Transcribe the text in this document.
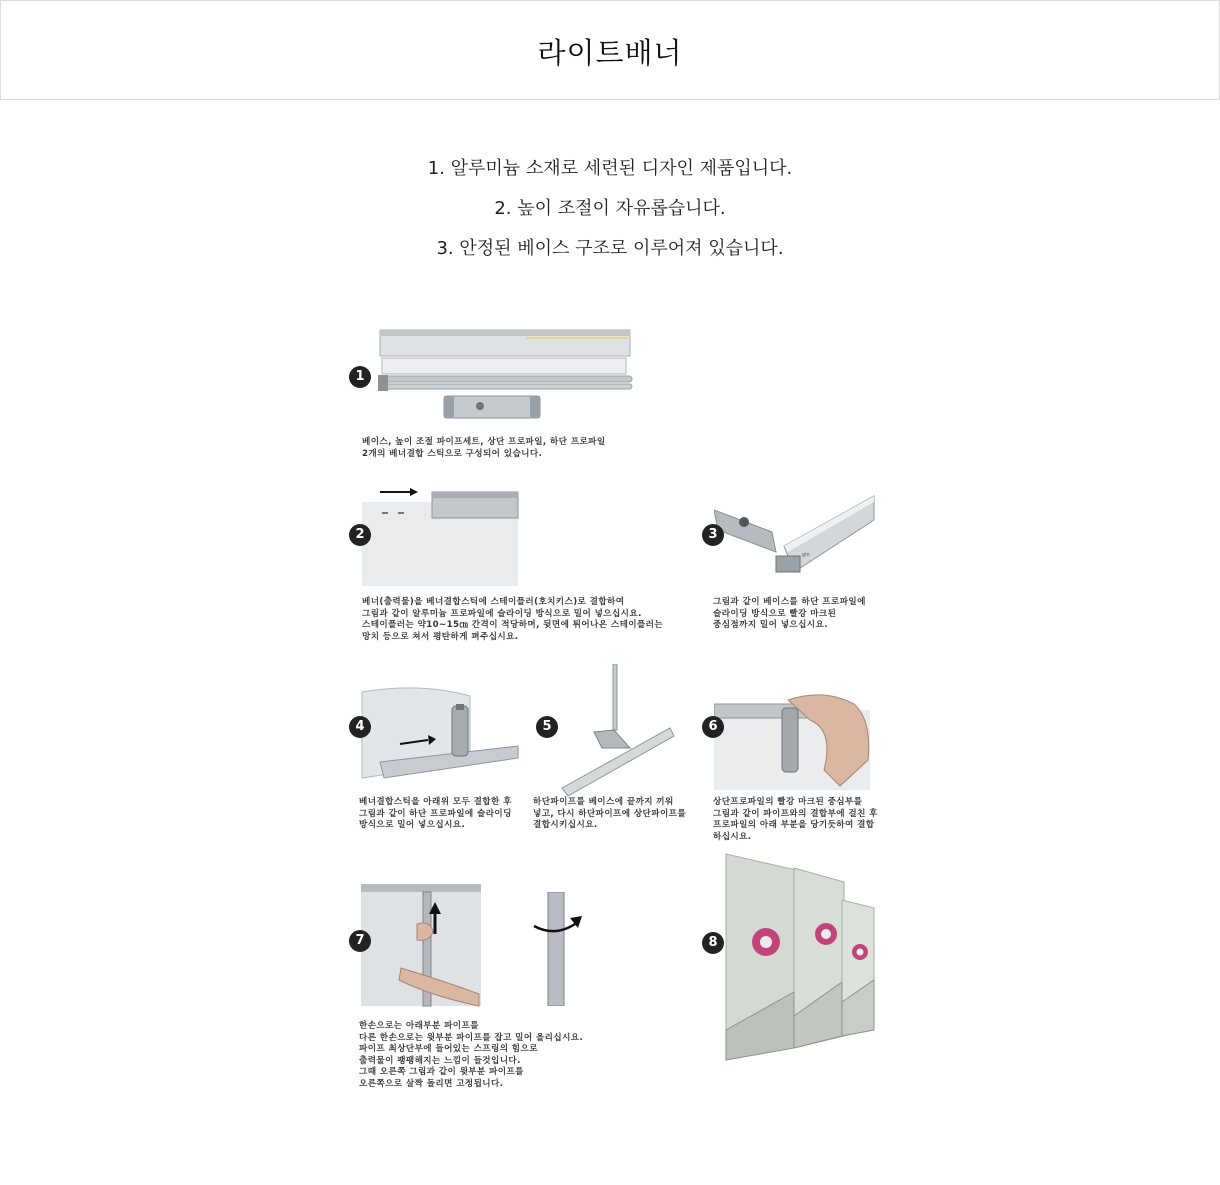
라이트배너

1. 알루미늄 소재로 세련된 디자인 제품입니다.

2. 높이 조절이 자유롭습니다.

3. 안정된 베이스 구조로 이루어져 있습니다.

1
베이스, 높이 조절 파이프세트, 상단 프로파일, 하단 프로파일
2개의 베너결합 스틱으로 구성되어 있습니다.
2
베너(출력물)을 베너결합스틱에 스테이플러(호치키스)로 결합하여
그림과 같이 알루미늄 프로파일에 슬라이딩 방식으로 밀어 넣으십시요.
스테이플러는 약10~15㎝ 간격이 적당하며, 뒷면에 튀어나온 스테이플러는
망치 등으로 쳐서 평탄하게 펴주십시요.
gio
3
그림과 같이 베이스를 하단 프로파일에
슬라이딩 방식으로 빨강 마크된
중심점까지 밀어 넣으십시요.
4
베너결합스틱을 아래위 모두 결합한 후
그림과 같이 하단 프로파일에 슬라이딩
방식으로 밀어 넣으십시요.
5
하단파이프를 베이스에 끝까지 끼워
넣고, 다시 하단파이프에 상단파이프를
결합시키십시요.
6
상단프로파일의 빨강 마크된 중심부를
그림과 같이 파이프와의 결합부에 걸친 후
프로파일의 아래 부분을 당기듯하여 결합
하십시요.
7
한손으로는 아래부분 파이프를
다른 한손으로는 윗부분 파이프를 잡고 밀어 올리십시요.
파이프 최상단부에 들어있는 스프링의 힘으로
출력물이 팽팽해지는 느낌이 들것입니다.
그때 오른쪽 그림과 같이 윗부분 파이프를
오른쪽으로 살짝 돌리면 고정됩니다.
8
